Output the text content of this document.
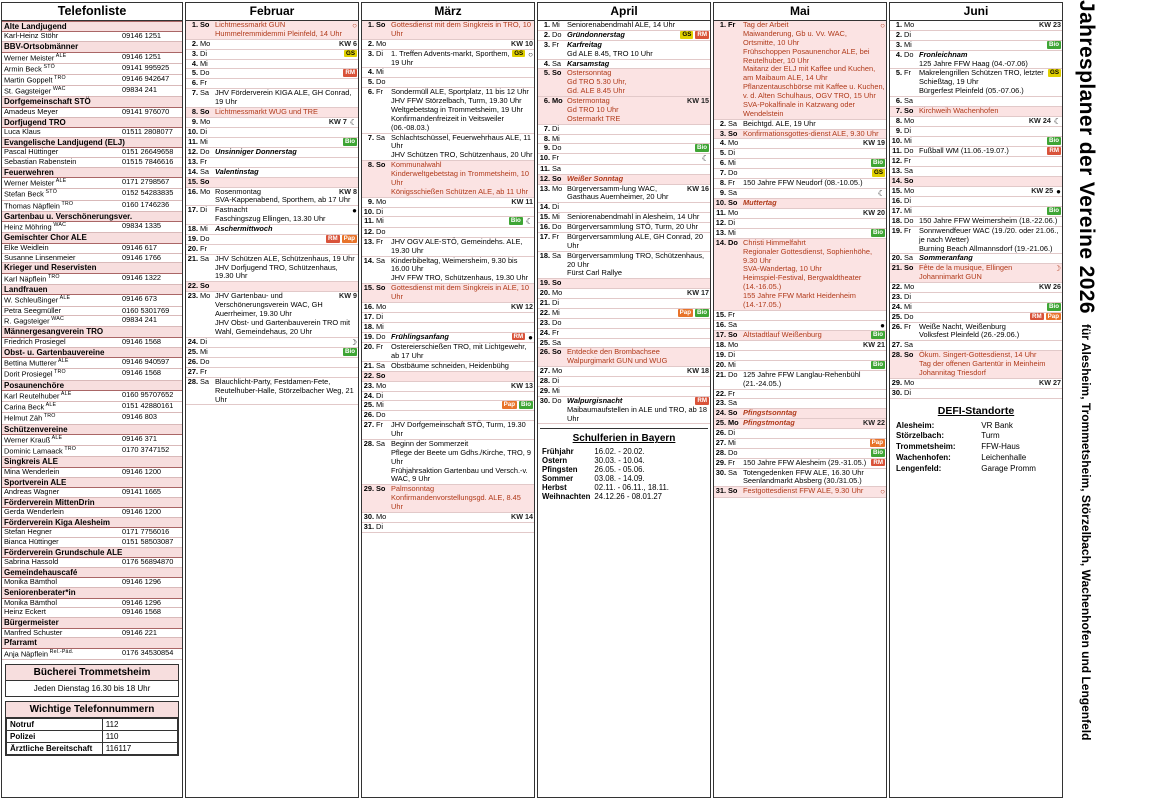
Telefonliste
Alte Landjugend	
Karl-Heinz Stöhr	09146 1251
BBV-Ortsobmänner	
Werner Meister $^{ALE}$	09146 1251
Armin Beck $^{STÖ}$	09141 995925
Martin Goppelt $^{TRO}$	09146 942647
St. Gagsteiger $^{WAC}$	09834 241
Dorfgemeinschaft STÖ	
Amadeus Meyer	09141 976070
Dorfjugend TRO	
Luca Klaus	01511 2808077
Evangelische Landjugend (ELJ)	
Pascal Hüttinger	0151 26649658
Sebastian Rabenstein	01515 7846616
Feuerwehren	
Werner Meister $^{ALE}$	0171 2798567
Stefan Beck $^{STÖ}$	0152 54283835
Thomas Näpflein $^{TRO}$	0160 1746236
Gartenbau u. Verschönerungsver.	
Heinz Möhring $^{WAC}$	09834 1335
Gemischter Chor ALE	
Elke Weidlein	09146 617
Susanne Linsenmeier	09146 1766
Krieger und Reservisten	
Karl Näpflein $^{TRO}$	09146 1322
Landfrauen	
W. Schleußinger $^{ALE}$	09146 673
Petra Seegmüller	0160 5301769
R. Gagsteiger $^{WAC}$	09834 241
Männergesangverein TRO	
Friedrich Prosiegel	09146 1568
Obst- u. Gartenbauvereine	
Bettina Mutterer $^{ALE}$	09146 940597
Dorit Prosiegel $^{TRO}$	09146 1568
Posaunenchöre	
Karl Reutelhuber $^{ALE}$	0160 95707652
Carina Beck $^{ALE}$	0151 42880161
Helmut Zäh $^{TRO}$	09146 803
Schützenvereine	
Werner Krauß $^{ALE}$	09146 371
Dominic Lamaack $^{TRO}$	0170 3747152
Singkreis ALE	
Mina Wenderlein	09146 1200
Sportverein ALE	
Andreas Wagner	09141 1665
Förderverein MittenDrin	
Gerda Wenderlein	09146 1200
Förderverein Kiga Alesheim	
Stefan Hegner	0171 7756016
Bianca Hüttinger	0151 58503087
Förderverein Grundschule ALE	
Sabrina Hassold	0176 56894870
Gemeindehauscafé	
Monika Bämthol	09146 1296
Seniorenberater*in	
Monika Bämthol	09146 1296
Heinz Eckert	09146 1568
Bürgermeister	
Manfred Schuster	09146 221
Pfarramt	
Anja Näpflein $^{Rel.-Päd.}$	0176 34530854
Bücherei Trommetsheim
Jeden Dienstag 16.30 bis 18 Uhr
Wichtige Telefonnummern
Notruf	112
Polizei	110
Ärztliche Bereitschaft	116117
Februar
1.	So	○
Lichtmessmarkt GUN
Hummelremmidemmi Pleinfeld, 14 Uhr
2.	Mo	KW 6

3.	Di	GS

4.	Mi	
5.	Do	RM

6.	Fr	
7.	Sa	JHV Förderverein KIGA ALE, GH Conrad, 19 Uhr
8.	So	Lichtmessmarkt WUG und TRE
9.	Mo	☾
KW 7

10.	Di	
11.	Mi	Bio

12.	Do	Unsinniger Donnerstag
13.	Fr	
14.	Sa	Valentinstag
15.	So	
16.	Mo	KW 8
Rosenmontag
SVA-Kappenabend, Sporthem, ab 17 Uhr
17.	Di	●
Fastnacht
Faschingszug Ellingen, 13.30 Uhr
18.	Mi	Aschermittwoch
19.	Do	Pap
RM

20.	Fr	
21.	Sa	JHV Schützen ALE, Schützenhaus, 19 Uhr
JHV Dorfjugend TRO, Schützenhaus, 19.30 Uhr
22.	So	
23.	Mo	KW 9
JHV Gartenbau- und Verschönerungsverein WAC, GH Auerrheimer, 19.30 Uhr
JHV Obst- und Gartenbauverein TRO mit Wahl, Gemeindehaus, 20 Uhr
24.	Di	☽

25.	Mi	Bio

26.	Do	
27.	Fr	
28.	Sa	Blauchlicht-Party, Festdamen-Fete, Reutelhuber-Halle, Störzelbacher Weg, 21 Uhr
März
1.	So	Gottesdienst mit dem Singkreis in TRO, 10 Uhr
2.	Mo	KW 10

3.	Di	○
GS
1. Treffen Advents-markt, Sporthem, 19 Uhr
4.	Mi	
5.	Do	
6.	Fr	Sondermüll ALE, Sportplatz, 11 bis 12 Uhr
JHV FFW Störzelbach, Turm, 19.30 Uhr
Weltgebetstag in Trommetsheim, 19 Uhr
Konfirmandenfreizeit in Veitsweiler (06.-08.03.)
7.	Sa	Schlachtschüssel, Feuerwehrhaus ALE, 11 Uhr
JHV Schützen TRO, Schützenhaus, 20 Uhr
8.	So	Kommunalwahl
Kinderweltgebetstag in Trommetsheim, 10 Uhr
Königsschießen Schützen ALE, ab 11 Uhr
9.	Mo	KW 11

10.	Di	
11.	Mi	☾
Bio

12.	Do	
13.	Fr	JHV OGV ALE-STÖ, Gemeindehs. ALE, 19.30 Uhr
14.	Sa	Kinderbibeltag, Weimersheim, 9.30 bis 16.00 Uhr
JHV FFW TRO, Schützenhaus, 19.30 Uhr
15.	So	Gottesdienst mit dem Singkreis in ALE, 10 Uhr
16.	Mo	KW 12

17.	Di	
18.	Mi	
19.	Do	●
RM
Frühlingsanfang
20.	Fr	Ostereierschießen TRO, mit Lichtgewehr, ab 17 Uhr
21.	Sa	Obstbäume schneiden, Heidenbühg
22.	So	
23.	Mo	KW 13

24.	Di	
25.	Mi	Bio
Pap

26.	Do	
27.	Fr	JHV Dorfgemeinschaft STÖ, Turm, 19.30 Uhr
28.	Sa	Beginn der Sommerzeit
Pflege der Beete um Gdhs./Kirche, TRO, 9 Uhr
Frühjahrsaktion Gartenbau und Versch.-v. WAC, 9 Uhr
29.	So	Palmsonntag
Konfirmandenvorstellungsgd. ALE, 8.45 Uhr
30.	Mo	KW 14

31.	Di	
April
1.	Mi	Seniorenabendmahl ALE, 14 Uhr
2.	Do	RM
GS
Gründonnerstag
3.	Fr	Karfreitag
Gd ALE 8.45, TRO 10 Uhr
4.	Sa	Karsamstag
5.	So	Ostersonntag
Gd TRO 5.30 Uhr,
Gd. ALE 8.45 Uhr
6.	Mo	KW 15
Ostermontag
Gd TRO 10 Uhr
Ostermarkt TRE
7.	Di	
8.	Mi	
9.	Do	Bio

10.	Fr	☾

11.	Sa	
12.	So	Weißer Sonntag
13.	Mo	KW 16
Bürgerversamm-lung WAC, Gasthaus Auernheimer, 20 Uhr
14.	Di	
15.	Mi	Seniorenabendmahl in Alesheim, 14 Uhr
16.	Do	Bürgerversammlung STÖ, Turm, 20 Uhr
17.	Fr	Bürgerversammlung ALE, GH Conrad, 20 Uhr
18.	Sa	Bürgerversammlung TRO, Schützenhaus, 20 Uhr
Fürst Carl Rallye
19.	So	
20.	Mo	KW 17

21.	Di	
22.	Mi	Bio
Pap

23.	Do	
24.	Fr	
25.	Sa	
26.	So	Entdecke den Brombachsee
Walpurgimarkt GUN und WUG
27.	Mo	KW 18

28.	Di	
29.	Mi	
30.	Do	RM
Walpurgisnacht
Maibaumaufstellen in ALE und TRO, ab 18 Uhr
Schulferien in Bayern
Frühjahr	16.02. - 20.02.
Ostern	30.03. - 10.04.
Pfingsten	26.05. - 05.06.
Sommer	03.08. - 14.09.
Herbst	02.11. - 06.11., 18.11.
Weihnachten	24.12.26 - 08.01.27
Mai
1.	Fr	○
Tag der Arbeit
Maiwanderung, Gb u. Vv. WAC, Ortsmitte, 10 Uhr
Frühschoppen Posaunenchor ALE, bei Reutelhuber, 10 Uhr
Maitanz der ELJ mit Kaffee und Kuchen, am Maibaum ALE, 14 Uhr
Pflanzentauschbörse mit Kaffee u. Kuchen, v. d. Alten Schulhaus, OGV TRO, 15 Uhr
SVA-Pokalfinale in Katzwang oder Wendelstein
2.	Sa	Beichtgd. ALE, 19 Uhr
3.	So	Konfirmationsgottes-dienst ALE, 9.30 Uhr
4.	Mo	KW 19

5.	Di	
6.	Mi	Bio

7.	Do	GS

8.	Fr	150 Jahre FFW Neudorf (08.-10.05.)
9.	Sa	☾

10.	So	Muttertag
11.	Mo	KW 20

12.	Di	
13.	Mi	Bio

14.	Do	Christi Himmelfahrt
Regionaler Gottesdienst, Sophienhöhe, 9.30 Uhr
SVA-Wandertag, 10 Uhr
Heimspiel-Festival, Bergwaldtheater (14.-16.05.)
155 Jahre FFW Markt Heidenheim (14.-17.05.)
15.	Fr	
16.	Sa	●

17.	So	Bio
Altstadtlauf Weißenburg
18.	Mo	KW 21

19.	Di	
20.	Mi	Bio

21.	Do	125 Jahre FFW Langlau-Rehenbühl (21.-24.05.)
22.	Fr	
23.	Sa	
24.	So	Pfingstsonntag
25.	Mo	KW 22
Pfingstmontag
26.	Di	
27.	Mi	Pap

28.	Do	Bio

29.	Fr	RM
150 Jahre FFW Alesheim (29.-31.05.)
30.	Sa	Totengedenken FFW ALE, 16.30 Uhr
Seenlandmarkt Absberg (30./31.05.)
31.	So	○
Festgottesdienst FFW ALE, 9.30 Uhr
Juni
1.	Mo	KW 23

2.	Di	
3.	Mi	Bio

4.	Do	Fronleichnam
125 Jahre FFW Haag (04.-07.06)
5.	Fr	GS
Makrelengrillen Schützen TRO, letzter Schießtag, 19 Uhr
Bürgerfest Pleinfeld (05.-07.06.)
6.	Sa	
7.	So	Kirchweih Wachenhofen
8.	Mo	☾
KW 24

9.	Di	
10.	Mi	Bio

11.	Do	RM
Fußball WM (11.06.-19.07.)
12.	Fr	
13.	Sa	
14.	So	
15.	Mo	●
KW 25

16.	Di	
17.	Mi	Bio

18.	Do	150 Jahre FFW Weimersheim (18.-22.06.)
19.	Fr	Sonnwendfeuer WAC (19./20. oder 21.06., je nach Wetter)
Burning Beach Allmannsdorf (19.-21.06.)
20.	Sa	Sommeranfang
21.	So	☽
Fête de la musique, Ellingen
Johannimarkt GUN
22.	Mo	KW 26

23.	Di	
24.	Mi	Bio

25.	Do	Pap
RM

26.	Fr	Weiße Nacht, Weißenburg
Volksfest Pleinfeld (26.-29.06.)
27.	Sa	
28.	So	Ökum. Singert-Gottesdienst, 14 Uhr
Tag der offenen Gartentür in Meinheim
Johannitag Triesdorf
29.	Mo	KW 27

30.	Di	
DEFI-Standorte
Alesheim:	VR Bank
Störzelbach:	Turm
Trommetsheim:	FFW-Haus
Wachenhofen:	Leichenhalle
Lengenfeld:	Garage Promm
Jahresplaner der Vereine 2026
für Alesheim, Trommetsheim, Störzelbach, Wachenhofen und Lengenfeld
